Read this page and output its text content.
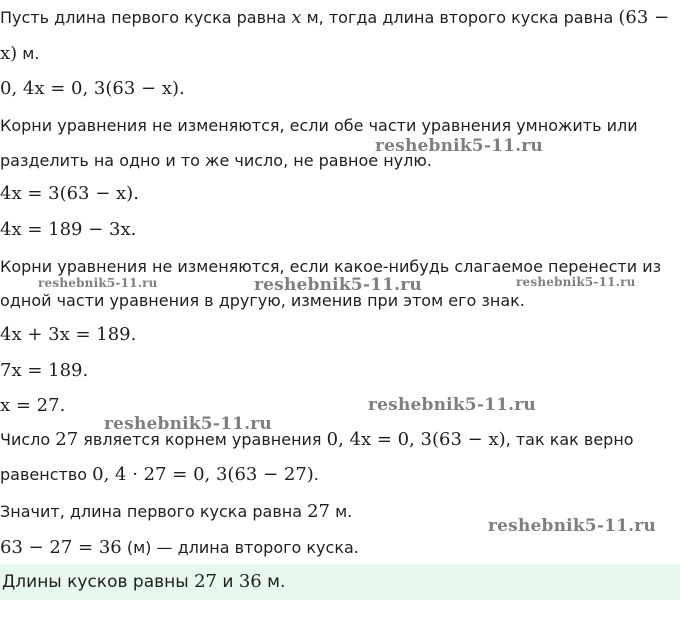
Пусть длина первого куска равна x м, тогда длина второго куска равна (63 −
x) м.
0, 4x = 0, 3(63 − x).
Корни уравнения не изменяются, если обе части уравнения умножить или
разделить на одно и то же число, не равное нулю.
4x = 3(63 − x).
4x = 189 − 3x.
Корни уравнения не изменяются, если какое-нибудь слагаемое перенести из
одной части уравнения в другую, изменив при этом его знак.
4x + 3x = 189.
7x = 189.
x = 27.
Число 27 является корнем уравнения 0, 4x = 0, 3(63 − x), так как верно
равенство 0, 4 · 27 = 0, 3(63 − 27).
Значит, длина первого куска равна 27 м.
63 − 27 = 36 (м) — длина второго куска.
Длины кусков равны 27 и 36 м.
reshebnik5-11.ru
reshebnik5-11.ru	reshebnik5-11.ru	reshebnik5-11.ru
reshebnik5-11.ru
reshebnik5-11.ru
reshebnik5-11.ru
